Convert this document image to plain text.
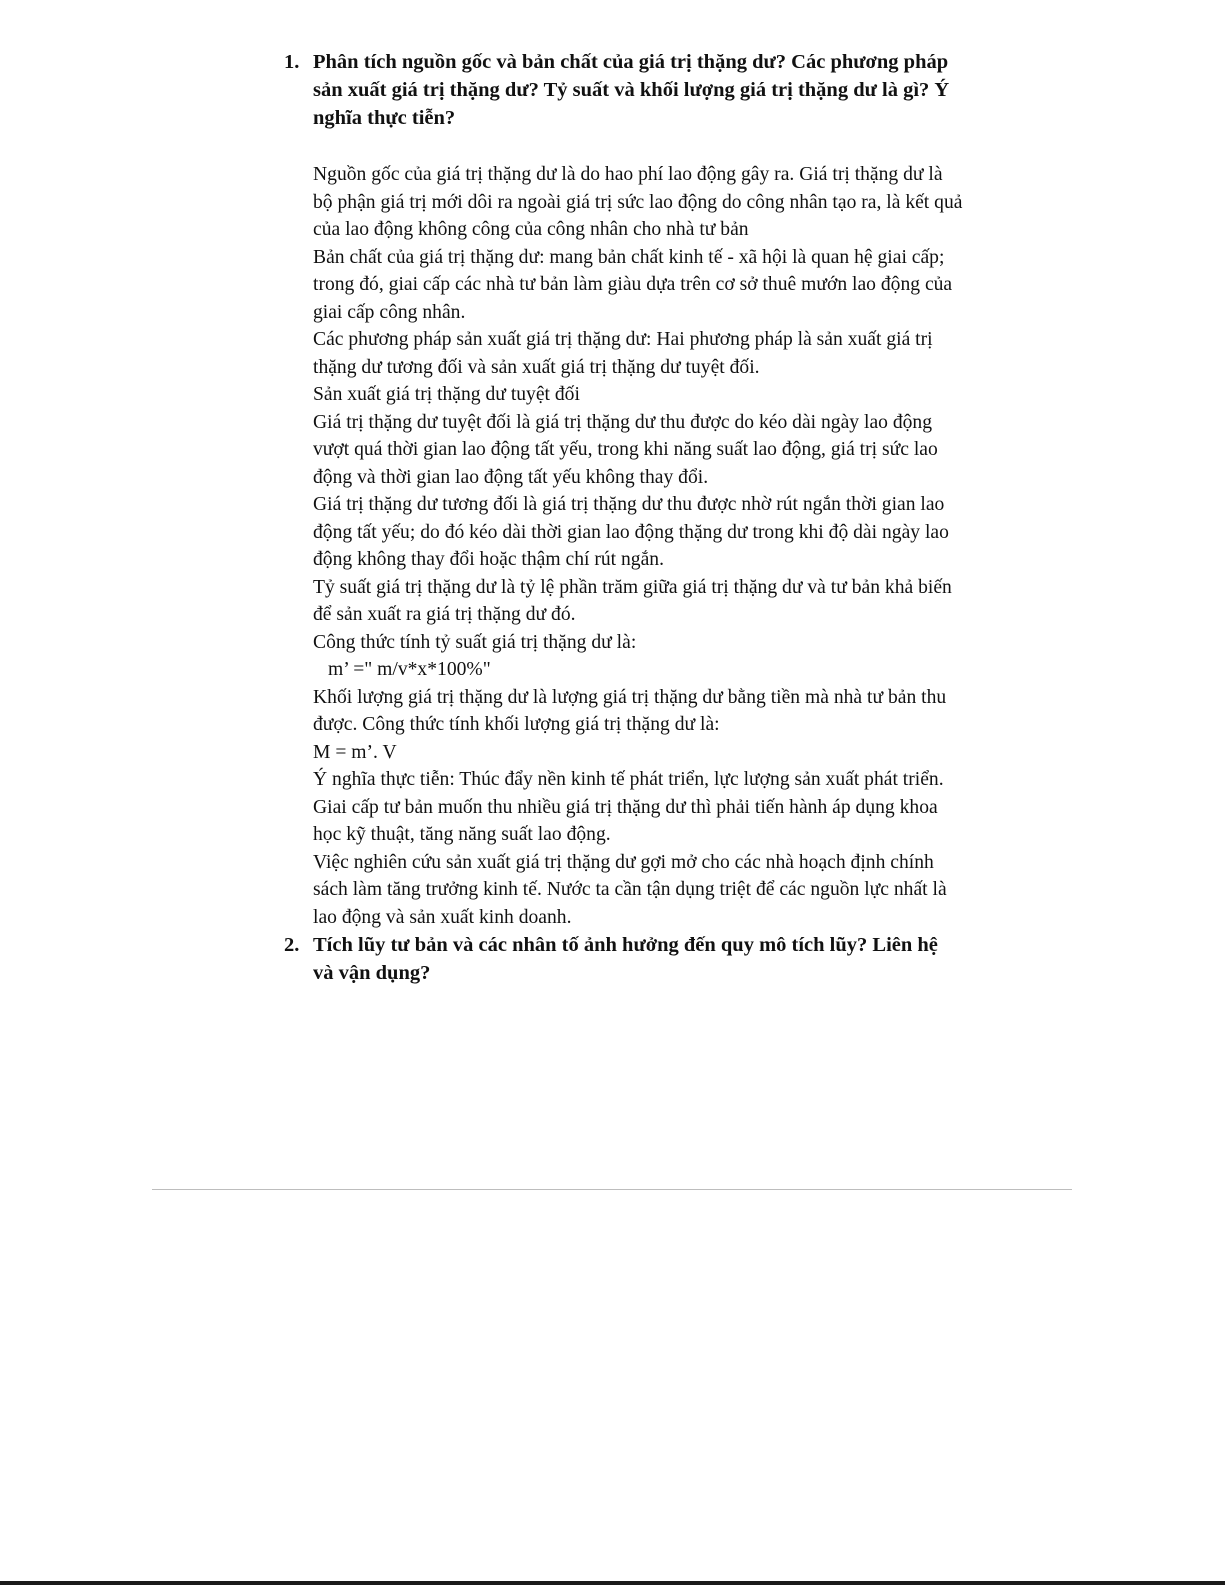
1. Phân tích nguồn gốc và bản chất của giá trị thặng dư? Các phương pháp sản xuất giá trị thặng dư? Tỷ suất và khối lượng giá trị thặng dư là gì? Ý nghĩa thực tiễn?

Nguồn gốc của giá trị thặng dư là do hao phí lao động gây ra. Giá trị thặng dư là bộ phận giá trị mới dôi ra ngoài giá trị sức lao động do công nhân tạo ra, là kết quả của lao động không công của công nhân cho nhà tư bản

Bản chất của giá trị thặng dư: mang bản chất kinh tế - xã hội là quan hệ giai cấp; trong đó, giai cấp các nhà tư bản làm giàu dựa trên cơ sở thuê mướn lao động của giai cấp công nhân.

Các phương pháp sản xuất giá trị thặng dư: Hai phương pháp là sản xuất giá trị thặng dư tương đối và sản xuất giá trị thặng dư tuyệt đối.

Sản xuất giá trị thặng dư tuyệt đối

Giá trị thặng dư tuyệt đối là giá trị thặng dư thu được do kéo dài ngày lao động vượt quá thời gian lao động tất yếu, trong khi năng suất lao động, giá trị sức lao động và thời gian lao động tất yếu không thay đổi.

Giá trị thặng dư tương đối là giá trị thặng dư thu được nhờ rút ngắn thời gian lao động tất yếu; do đó kéo dài thời gian lao động thặng dư trong khi độ dài ngày lao động không thay đổi hoặc thậm chí rút ngắn.

Tỷ suất giá trị thặng dư là tỷ lệ phần trăm giữa giá trị thặng dư và tư bản khả biến để sản xuất ra giá trị thặng dư đó.

Công thức tính tỷ suất giá trị thặng dư là:

m’ =" m/v*x*100%"

Khối lượng giá trị thặng dư là lượng giá trị thặng dư bằng tiền mà nhà tư bản thu được. Công thức tính khối lượng giá trị thặng dư là:

M = m’. V

Ý nghĩa thực tiễn: Thúc đẩy nền kinh tế phát triển, lực lượng sản xuất phát triển. Giai cấp tư bản muốn thu nhiều giá trị thặng dư thì phải tiến hành áp dụng khoa học kỹ thuật, tăng năng suất lao động.

Việc nghiên cứu sản xuất giá trị thặng dư gợi mở cho các nhà hoạch định chính sách làm tăng trưởng kinh tế. Nước ta cần tận dụng triệt để các nguồn lực nhất là lao động và sản xuất kinh doanh.

2. Tích lũy tư bản và các nhân tố ảnh hưởng đến quy mô tích lũy? Liên hệ và vận dụng?
